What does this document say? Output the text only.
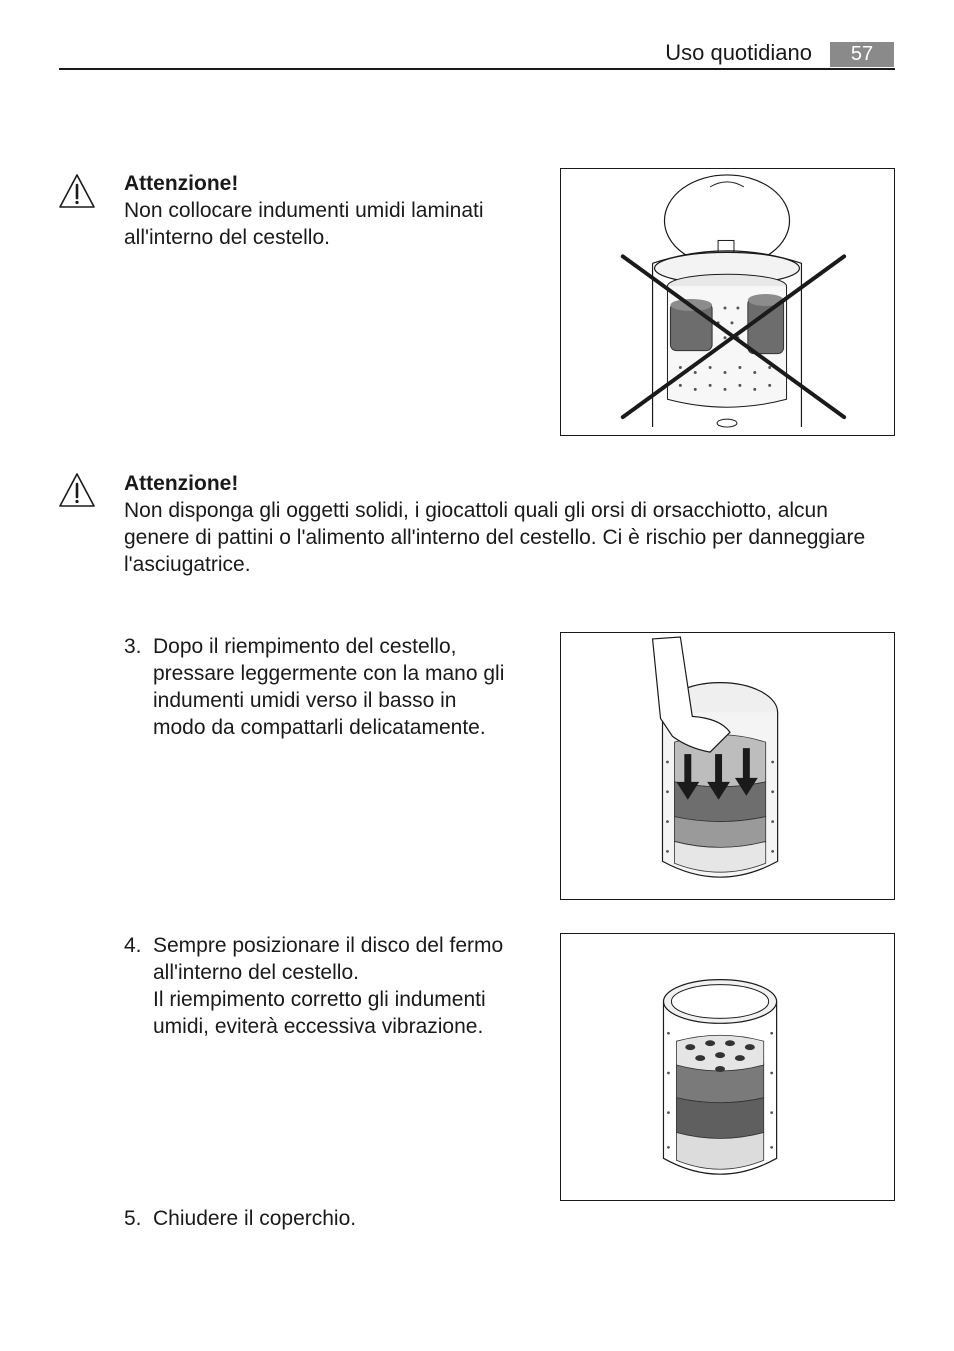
Uso quotidiano	57
Attenzione!
Non collocare indumenti umidi laminati
all'interno del cestello.
Attenzione!
Non disponga gli oggetti solidi, i giocattoli quali gli orsi di orsacchiotto, alcun
genere di pattini o l'alimento all'interno del cestello. Ci è rischio per danneggiare
l'asciugatrice.
3. Dopo il riempimento del cestello,
pressare leggermente con la mano gli
indumenti umidi verso il basso in
modo da compattarli delicatamente.
4. Sempre posizionare il disco del fermo
all'interno del cestello.
Il riempimento corretto gli indumenti
umidi, eviterà eccessiva vibrazione.
5. Chiudere il coperchio.
